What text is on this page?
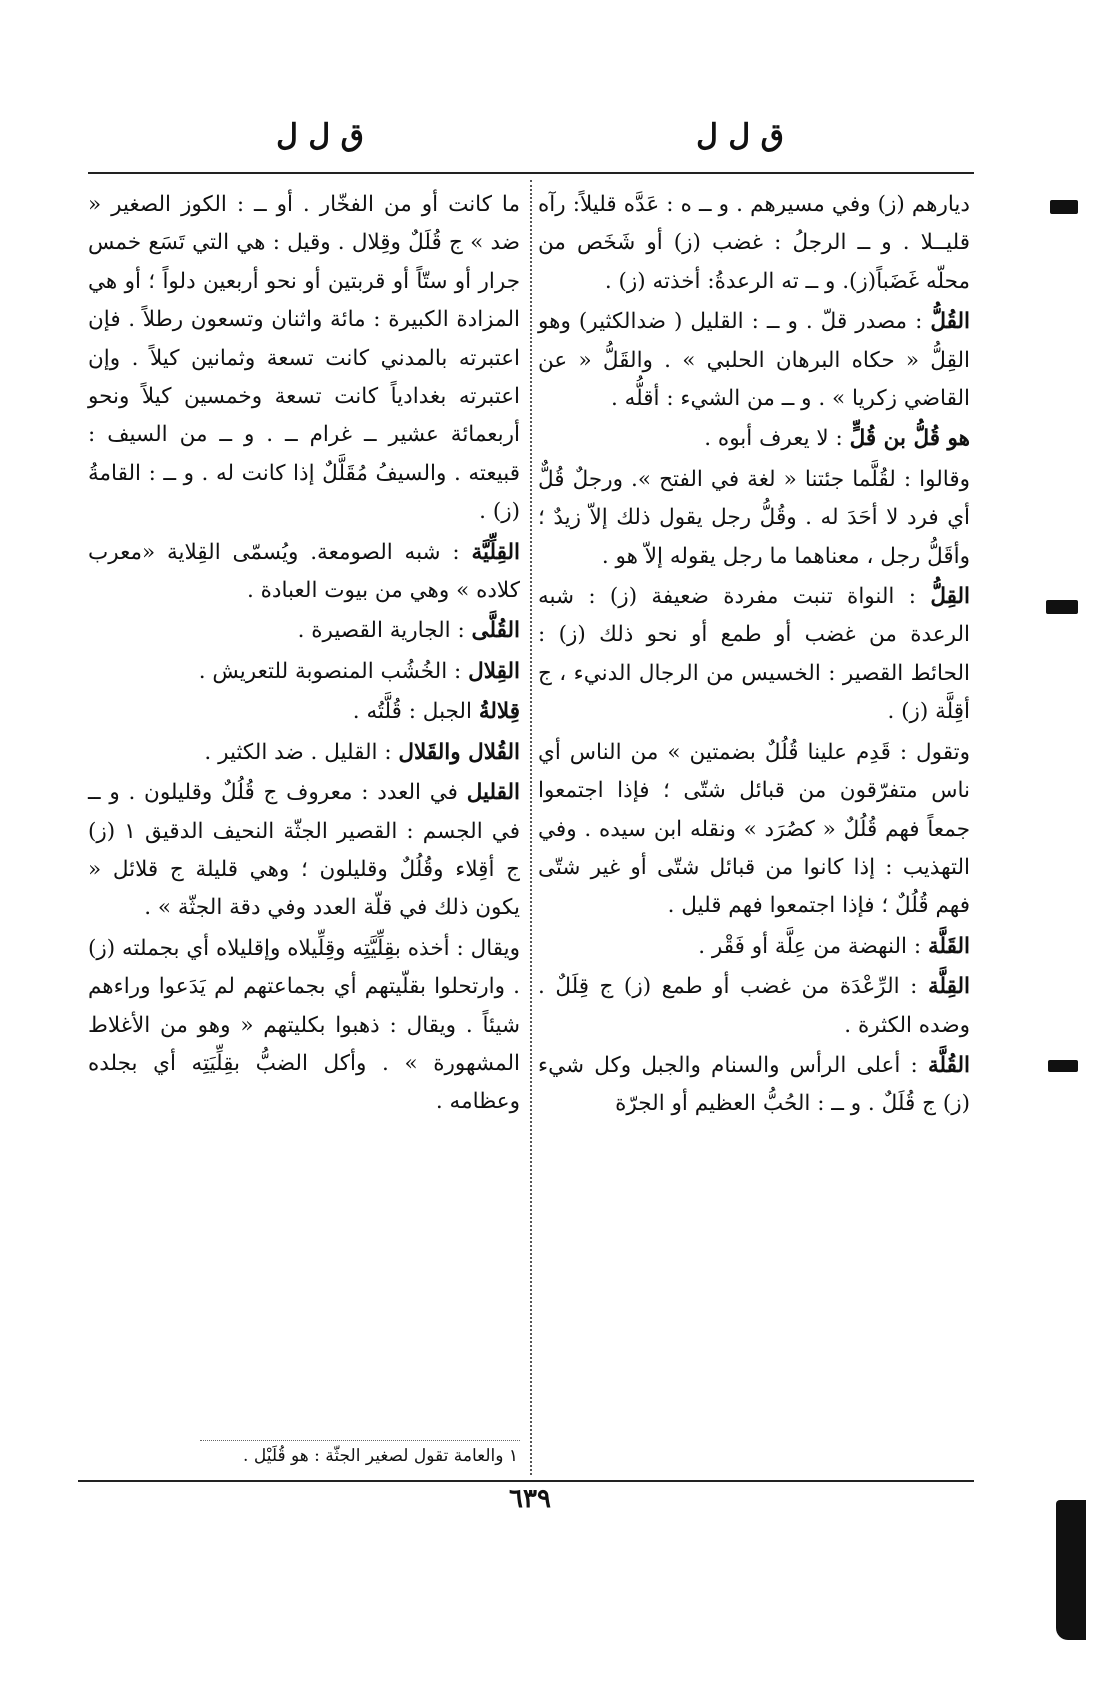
ق ل ل
ق ل ل

ديارهم (ز) وفي مسيرهم . و ــ ه : عَدَّه قليلاً: رآه قليــلا . و ــ الرجلُ : غضب (ز) أو شَخَص من محلّه غَضَباً(ز). و ــ ته الرعدةُ: أخذته (ز) .

القُلُّ : مصدر قلّ . و ــ : القليل ( ضدالكثير) وهو القِلُّ « حكاه البرهان الحلبي » . والقَلُّ « عن القاضي زكريا » . و ــ من الشيء : أقلُّه .

هو قُلُّ بن قُلٍّ : لا يعرف أبوه .

وقالوا : لقُلَّما جئتنا « لغة في الفتح ». ورجلٌ قُلٌّ أي فرد لا أحَدَ له . وقُلُّ رجل يقول ذلك إلاّ زيدٌ ؛ وأقَلُّ رجل ، معناهما ما رجل يقوله إلاّ هو .

القِلُّ : النواة تنبت مفردة ضعيفة (ز) : شبه الرعدة من غضب أو طمع أو نحو ذلك (ز) : الحائط القصير : الخسيس من الرجال الدنيء ، ج أقِلَّة (ز) .

وتقول : قَدِم علينا قُلُلٌ بضمتين » من الناس أي ناس متفرّقون من قبائل شتّى ؛ فإذا اجتمعوا جمعاً فهم قُلُلٌ « كصُرَد » ونقله ابن سيده . وفي التهذيب : إذا كانوا من قبائل شتّى أو غير شتّى فهم قُلُلٌ ؛ فإذا اجتمعوا فهم قليل .

القَلَّة : النهضة من عِلَّة أو فَقْر .

القِلَّة : الرِّعْدَة من غضب أو طمع (ز) ج قِلَلٌ . وضده الكثرة .

القُلَّة : أعلى الرأس والسنام والجبل وكل شيء (ز) ج قُلَلٌ . و ــ : الحُبُّ العظيم أو الجرّة

ما كانت أو من الفخّار . أو ــ : الكوز الصغير « ضد » ج قُلَلٌ وقِلال . وقيل : هي التي تَسَع خمس جرار أو ستّاً أو قربتين أو نحو أربعين دلواً ؛ أو هي المزادة الكبيرة : مائة واثنان وتسعون رطلاً . فإن اعتبرته بالمدني كانت تسعة وثمانين كيلاً . وإن اعتبرته بغدادياً كانت تسعة وخمسين كيلاً ونحو أربعمائة عشير ــ غرام ــ . و ــ من السيف : قبيعته . والسيفُ مُقَلَّلٌ إذا كانت له . و ــ : القامةُ (ز) .

القِلِّيَّة : شبه الصومعة. ويُسمّى القِلاية «معرب كلاده » وهي من بيوت العبادة .

القُلَّى : الجارية القصيرة .

القِلال : الخُشُب المنصوبة للتعريش .

قِلالةُ الجبل : قُلَّتُه .

القُلال والقَلال : القليل . ضد الكثير .

القليل في العدد : معروف ج قُلُلٌ وقليلون . و ــ في الجسم : القصير الجثّة النحيف الدقيق ١ (ز) ج أقِلاء وقُلُلٌ وقليلون ؛ وهي قليلة ج قلائل « يكون ذلك في قلّة العدد وفي دقة الجثّة » .

ويقال : أخذه بقِلِّيَّتِه وقِلِّيلاه وإقليلاه أي بجملته (ز) . وارتحلوا بقلّيتهم أي بجماعتهم لم يَدَعوا وراءهم شيئاً . ويقال : ذهبوا بكليتهم « وهو من الأغلاط المشهورة » . وأكل الضبُّ بقِلِّيَتِه أي بجلده وعظامه .

١ والعامة تقول لصغير الجثّة : هو قُلَيْل .
٦٣٩
